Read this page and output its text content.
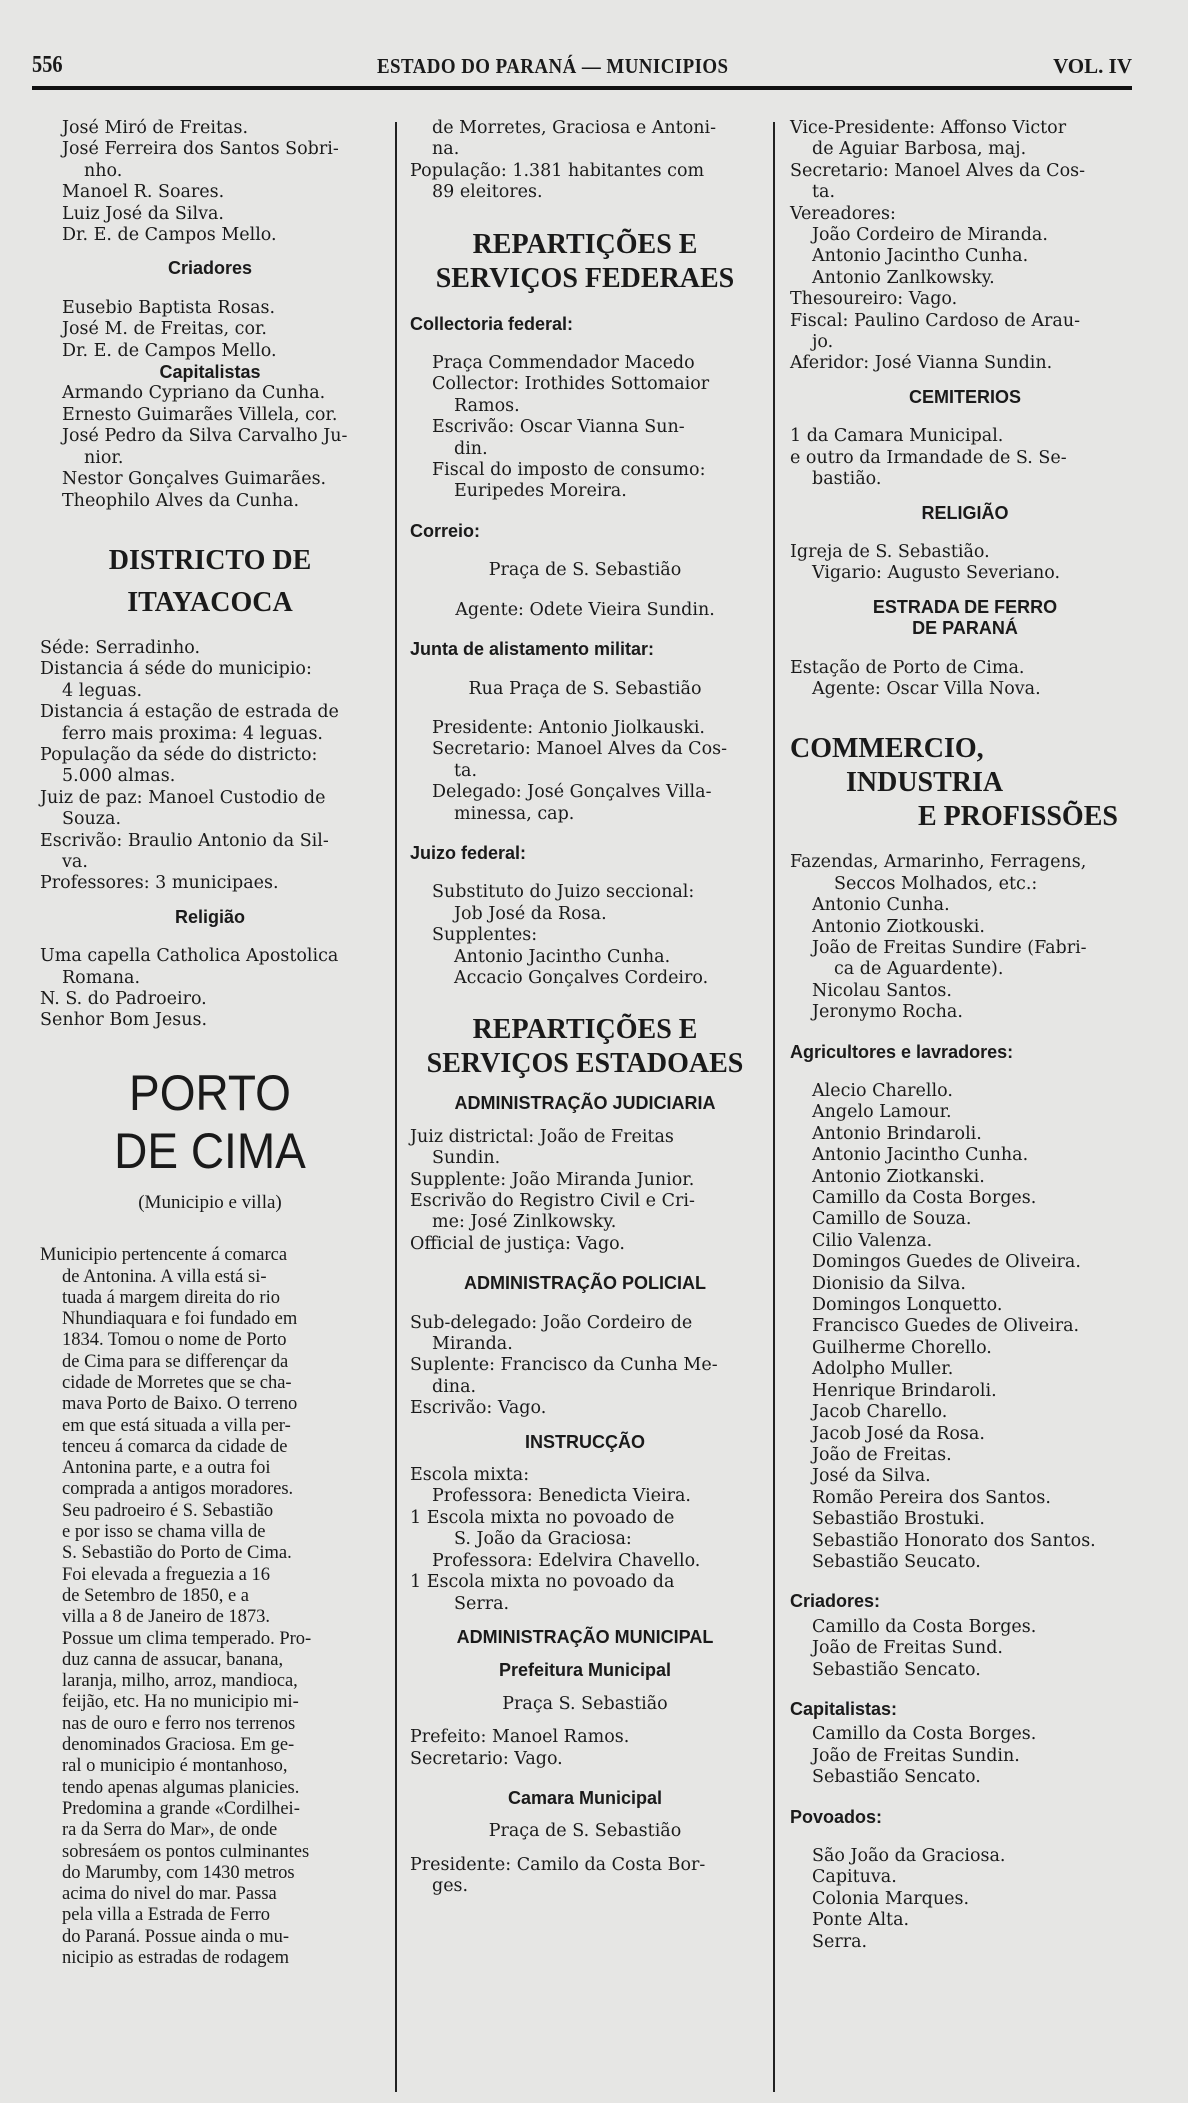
556	ESTADO DO PARANÁ — MUNICIPIOS	VOL. IV
José Miró de Freitas.
José Ferreira dos Santos Sobri-
nho.
Manoel R. Soares.
Luiz José da Silva.
Dr. E. de Campos Mello.
Criadores
Eusebio Baptista Rosas.
José M. de Freitas, cor.
Dr. E. de Campos Mello.
Capitalistas
Armando Cypriano da Cunha.
Ernesto Guimarães Villela, cor.
José Pedro da Silva Carvalho Ju-
nior.
Nestor Gonçalves Guimarães.
Theophilo Alves da Cunha.
DISTRICTO DE
ITAYACOCA
Séde: Serradinho.
Distancia á séde do municipio:
4 leguas.
Distancia á estação de estrada de
ferro mais proxima: 4 leguas.
População da séde do districto:
5.000 almas.
Juiz de paz: Manoel Custodio de
Souza.
Escrivão: Braulio Antonio da Sil-
va.
Professores: 3 municipaes.
Religião
Uma capella Catholica Apostolica
Romana.
N. S. do Padroeiro.
Senhor Bom Jesus.
PORTO
DE CIMA
(Municipio e villa)
Municipio pertencente á comarca
de Antonina. A villa está si-
tuada á margem direita do rio
Nhundiaquara e foi fundado em
1834. Tomou o nome de Porto
de Cima para se differençar da
cidade de Morretes que se cha-
mava Porto de Baixo. O terreno
em que está situada a villa per-
tenceu á comarca da cidade de
Antonina parte, e a outra foi
comprada a antigos moradores.
Seu padroeiro é S. Sebastião
e por isso se chama villa de
S. Sebastião do Porto de Cima.
Foi elevada a freguezia a 16
de Setembro de 1850, e a
villa a 8 de Janeiro de 1873.
Possue um clima temperado. Pro-
duz canna de assucar, banana,
laranja, milho, arroz, mandioca,
feijão, etc. Ha no municipio mi-
nas de ouro e ferro nos terrenos
denominados Graciosa. Em ge-
ral o municipio é montanhoso,
tendo apenas algumas planicies.
Predomina a grande «Cordilhei-
ra da Serra do Mar», de onde
sobresáem os pontos culminantes
do Marumby, com 1430 metros
acima do nivel do mar. Passa
pela villa a Estrada de Ferro
do Paraná. Possue ainda o mu-
nicipio as estradas de rodagem
de Morretes, Graciosa e Antoni-
na.
População: 1.381 habitantes com
89 eleitores.
REPARTIÇÕES E
SERVIÇOS FEDERAES
Collectoria federal:
Praça Commendador Macedo
Collector: Irothides Sottomaior
Ramos.
Escrivão: Oscar Vianna Sun-
din.
Fiscal do imposto de consumo:
Euripedes Moreira.
Correio:
Praça de S. Sebastião
Agente: Odete Vieira Sundin.
Junta de alistamento militar:
Rua Praça de S. Sebastião
Presidente: Antonio Jiolkauski.
Secretario: Manoel Alves da Cos-
ta.
Delegado: José Gonçalves Villa-
minessa, cap.
Juizo federal:
Substituto do Juizo seccional:
Job José da Rosa.
Supplentes:
Antonio Jacintho Cunha.
Accacio Gonçalves Cordeiro.
REPARTIÇÕES E
SERVIÇOS ESTADOAES
ADMINISTRAÇÃO JUDICIARIA
Juiz districtal: João de Freitas
Sundin.
Supplente: João Miranda Junior.
Escrivão do Registro Civil e Cri-
me: José Zinlkowsky.
Official de justiça: Vago.
ADMINISTRAÇÃO POLICIAL
Sub-delegado: João Cordeiro de
Miranda.
Suplente: Francisco da Cunha Me-
dina.
Escrivão: Vago.
INSTRUCÇÃO
Escola mixta:
Professora: Benedicta Vieira.
1 Escola mixta no povoado de
S. João da Graciosa:
Professora: Edelvira Chavello.
1 Escola mixta no povoado da
Serra.
ADMINISTRAÇÃO MUNICIPAL
Prefeitura Municipal
Praça S. Sebastião
Prefeito: Manoel Ramos.
Secretario: Vago.
Camara Municipal
Praça de S. Sebastião
Presidente: Camilo da Costa Bor-
ges.
Vice-Presidente: Affonso Victor
de Aguiar Barbosa, maj.
Secretario: Manoel Alves da Cos-
ta.
Vereadores:
João Cordeiro de Miranda.
Antonio Jacintho Cunha.
Antonio Zanlkowsky.
Thesoureiro: Vago.
Fiscal: Paulino Cardoso de Arau-
jo.
Aferidor: José Vianna Sundin.
CEMITERIOS
1 da Camara Municipal.
e outro da Irmandade de S. Se-
bastião.
RELIGIÃO
Igreja de S. Sebastião.
Vigario: Augusto Severiano.
ESTRADA DE FERRO
DE PARANÁ
Estação de Porto de Cima.
Agente: Oscar Villa Nova.
COMMERCIO,
INDUSTRIA
E PROFISSÕES
Fazendas, Armarinho, Ferragens,
Seccos Molhados, etc.:
Antonio Cunha.
Antonio Ziotkouski.
João de Freitas Sundire (Fabri-
ca de Aguardente).
Nicolau Santos.
Jeronymo Rocha.
Agricultores e lavradores:
Alecio Charello.
Angelo Lamour.
Antonio Brindaroli.
Antonio Jacintho Cunha.
Antonio Ziotkanski.
Camillo da Costa Borges.
Camillo de Souza.
Cilio Valenza.
Domingos Guedes de Oliveira.
Dionisio da Silva.
Domingos Lonquetto.
Francisco Guedes de Oliveira.
Guilherme Chorello.
Adolpho Muller.
Henrique Brindaroli.
Jacob Charello.
Jacob José da Rosa.
João de Freitas.
José da Silva.
Romão Pereira dos Santos.
Sebastião Brostuki.
Sebastião Honorato dos Santos.
Sebastião Seucato.
Criadores:
Camillo da Costa Borges.
João de Freitas Sund.
Sebastião Sencato.
Capitalistas:
Camillo da Costa Borges.
João de Freitas Sundin.
Sebastião Sencato.
Povoados:
São João da Graciosa.
Capituva.
Colonia Marques.
Ponte Alta.
Serra.
